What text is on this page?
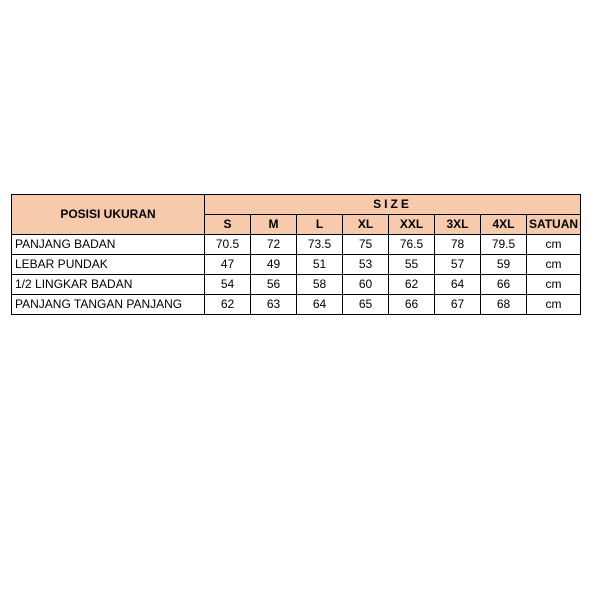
POSISI UKURAN	SIZE							
	S	M	L	XL	XXL	3XL	4XL	SATUAN
PANJANG BADAN	70.5	72	73.5	75	76.5	78	79.5	cm
LEBAR PUNDAK	47	49	51	53	55	57	59	cm
1/2 LINGKAR BADAN	54	56	58	60	62	64	66	cm
PANJANG TANGAN PANJANG	62	63	64	65	66	67	68	cm
